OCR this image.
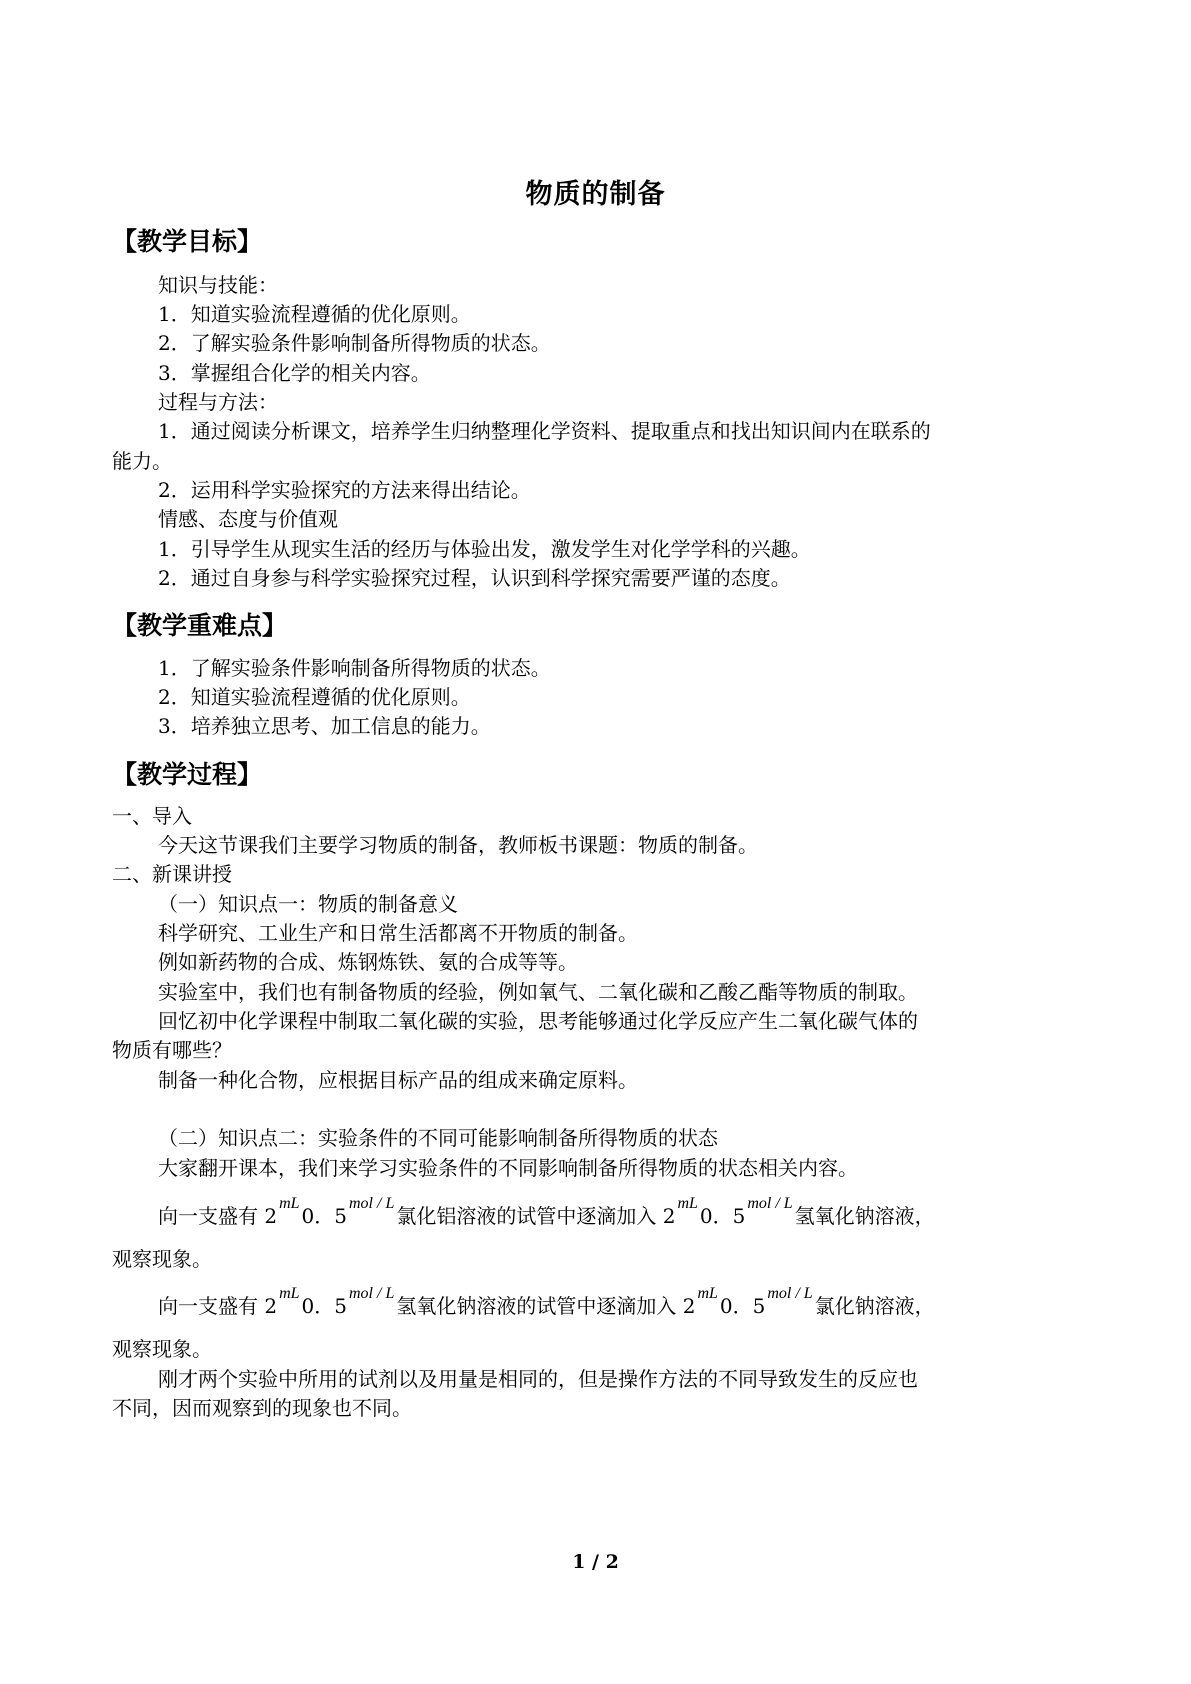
物质的制备
【教学目标】
知识与技能：
1．知道实验流程遵循的优化原则。
2．了解实验条件影响制备所得物质的状态。
3．掌握组合化学的相关内容。
过程与方法：
1．通过阅读分析课文，培养学生归纳整理化学资料、提取重点和找出知识间内在联系的
能力。
2．运用科学实验探究的方法来得出结论。
情感、态度与价值观
1．引导学生从现实生活的经历与体验出发，激发学生对化学学科的兴趣。
2．通过自身参与科学实验探究过程，认识到科学探究需要严谨的态度。
【教学重难点】
1．了解实验条件影响制备所得物质的状态。
2．知道实验流程遵循的优化原则。
3．培养独立思考、加工信息的能力。
【教学过程】
一、导入
今天这节课我们主要学习物质的制备，教师板书课题：物质的制备。
二、新课讲授
（一）知识点一：物质的制备意义
科学研究、工业生产和日常生活都离不开物质的制备。
例如新药物的合成、炼钢炼铁、氨的合成等等。
实验室中，我们也有制备物质的经验，例如氧气、二氧化碳和乙酸乙酯等物质的制取。
回忆初中化学课程中制取二氧化碳的实验，思考能够通过化学反应产生二氧化碳气体的
物质有哪些？
制备一种化合物，应根据目标产品的组成来确定原料。
（二）知识点二：实验条件的不同可能影响制备所得物质的状态
大家翻开课本，我们来学习实验条件的不同影响制备所得物质的状态相关内容。
向一支盛有 $2^{mL}0$．$5^{mol / L}$氯化铝溶液的试管中逐滴加入 $2^{mL}0$．$5^{mol / L}$氢氧化钠溶液，
观察现象。
向一支盛有 $2^{mL}0$．$5^{mol / L}$氢氧化钠溶液的试管中逐滴加入 $2^{mL}0$．$5^{mol / L}$氯化钠溶液，
观察现象。
刚才两个实验中所用的试剂以及用量是相同的，但是操作方法的不同导致发生的反应也
不同，因而观察到的现象也不同。
1 / 2
